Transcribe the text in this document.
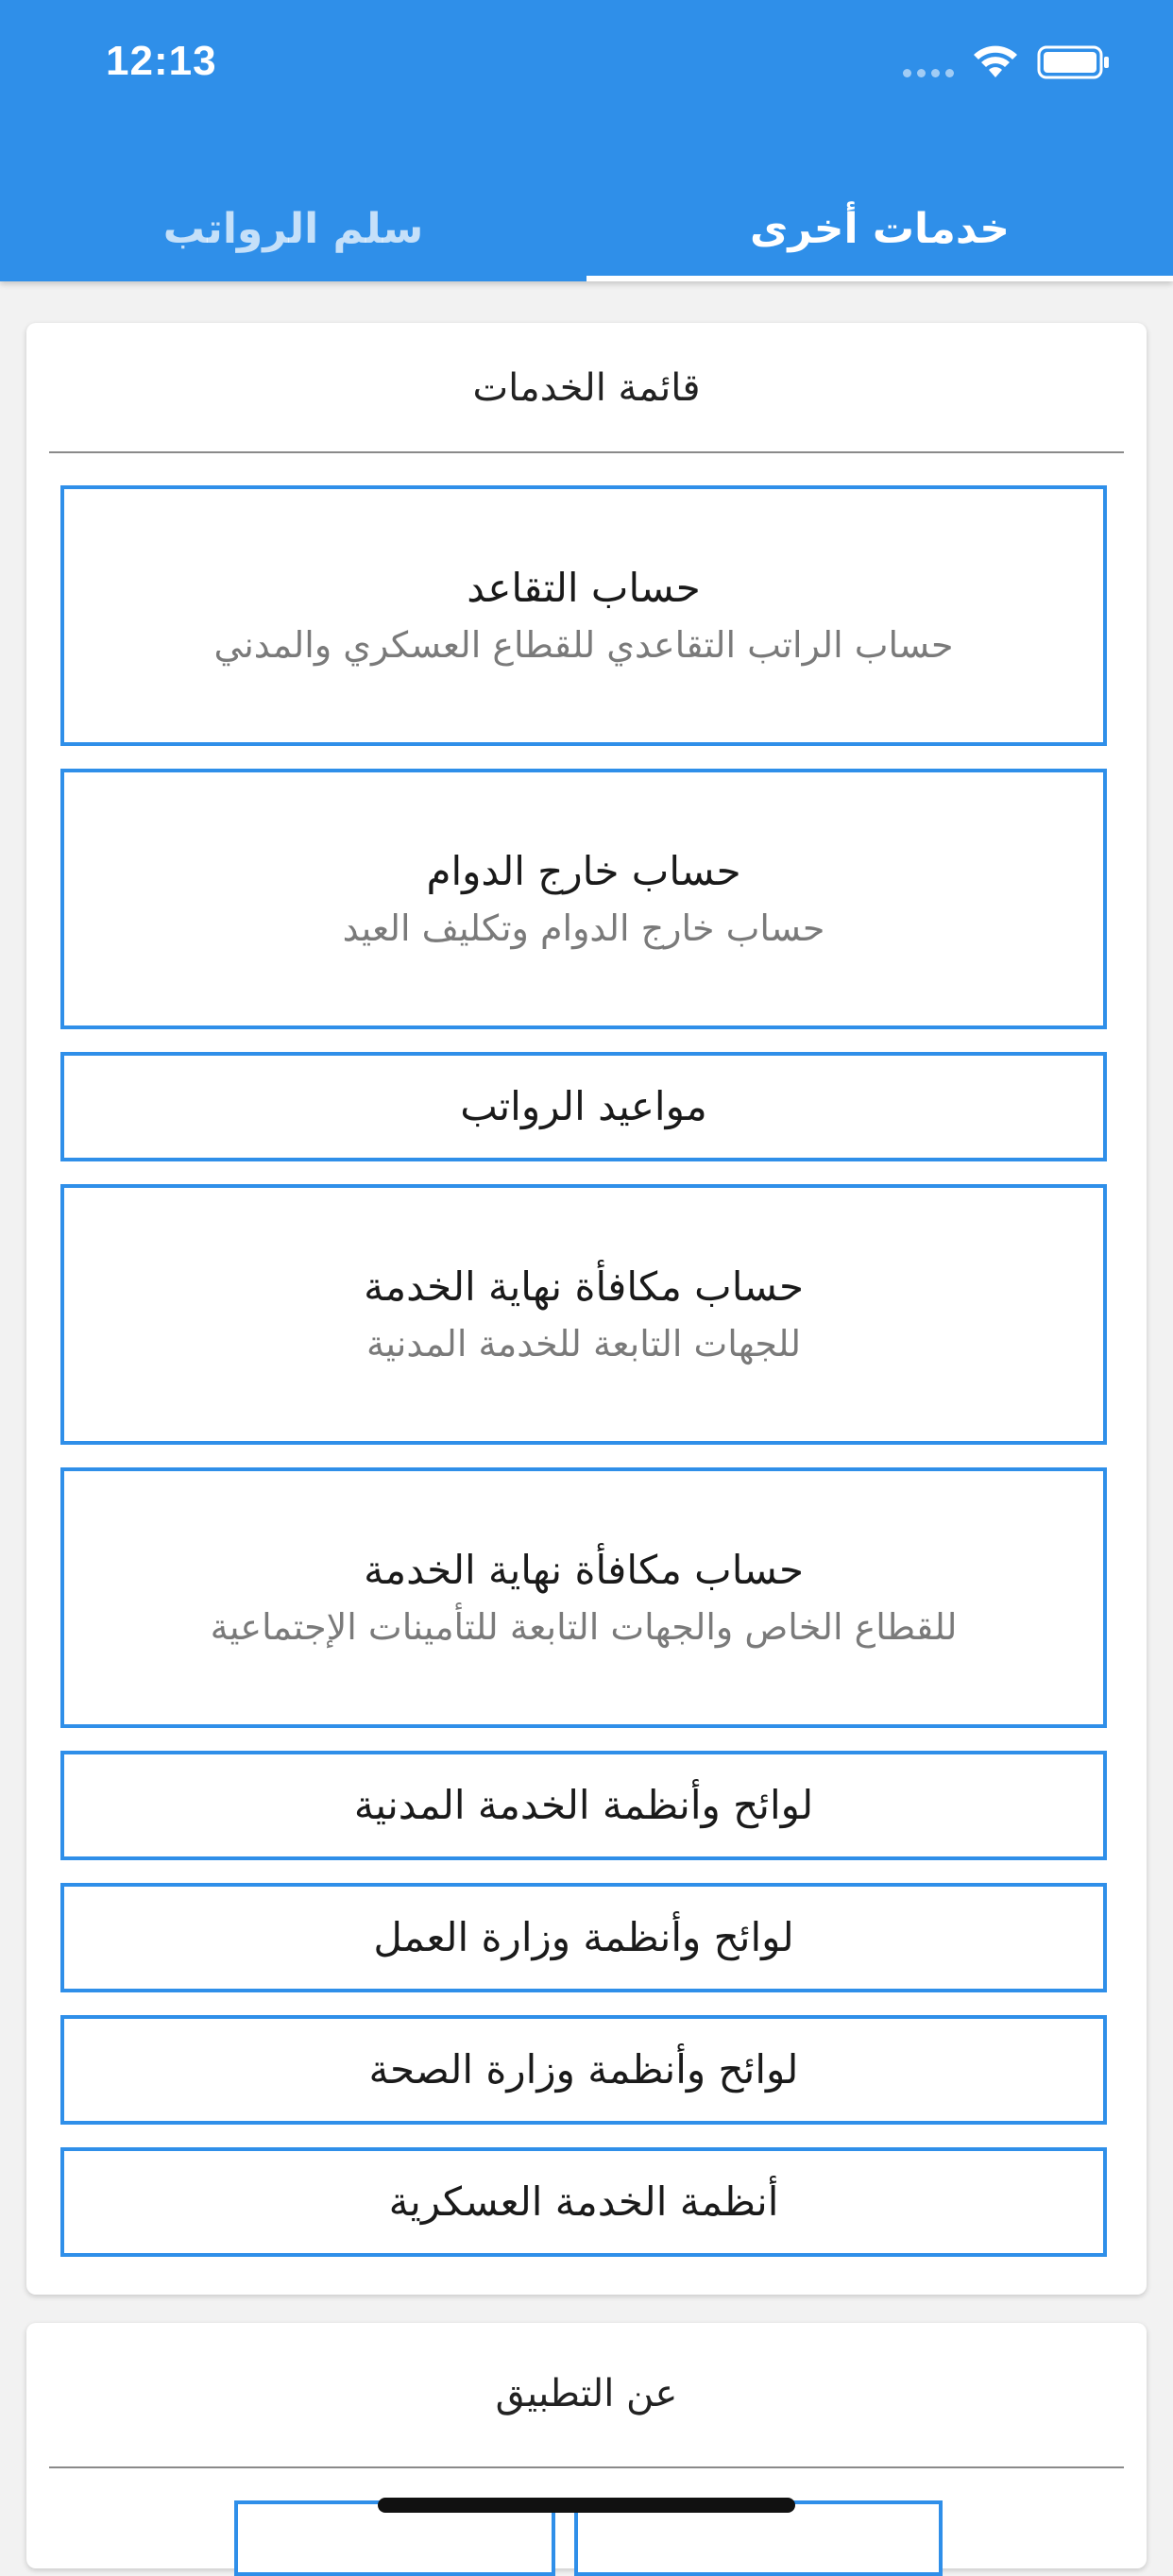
12:13
خدمات أخرى
سلم الرواتب
قائمة الخدمات
حساب التقاعد
حساب الراتب التقاعدي للقطاع العسكري والمدني
حساب خارج الدوام
حساب خارج الدوام وتكليف العيد
مواعيد الرواتب
حساب مكافأة نهاية الخدمة
للجهات التابعة للخدمة المدنية
حساب مكافأة نهاية الخدمة
للقطاع الخاص والجهات التابعة للتأمينات الإجتماعية
لوائح وأنظمة الخدمة المدنية
لوائح وأنظمة وزارة العمل
لوائح وأنظمة وزارة الصحة
أنظمة الخدمة العسكرية
عن التطبيق
